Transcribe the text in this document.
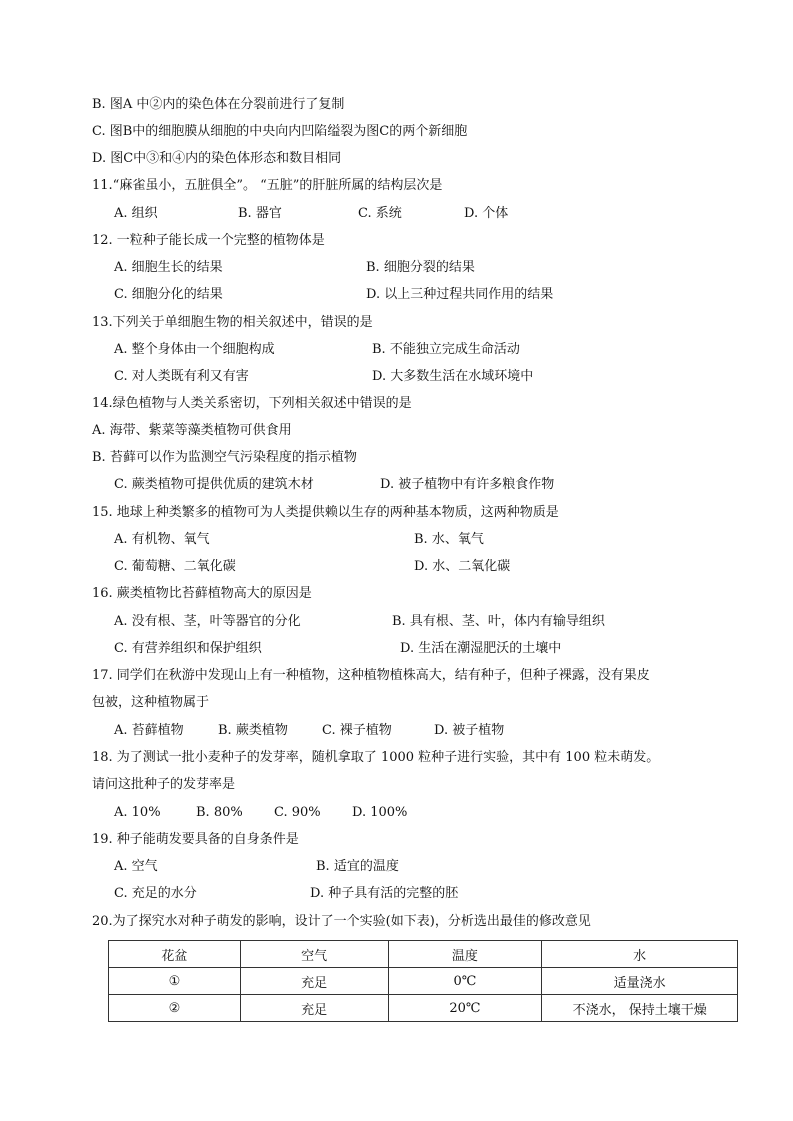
B. 图A 中②内的染色体在分裂前进行了复制
C. 图B中的细胞膜从细胞的中央向内凹陷缢裂为图C的两个新细胞
D. 图C中③和④内的染色体形态和数目相同
11.“麻雀虽小，五脏俱全”。 “五脏”的肝脏所属的结构层次是
A. 组织	B. 器官	C. 系统	D. 个体
12. 一粒种子能长成一个完整的植物体是
A. 细胞生长的结果	B. 细胞分裂的结果
C. 细胞分化的结果	D. 以上三种过程共同作用的结果
13.下列关于单细胞生物的相关叙述中，错误的是
A. 整个身体由一个细胞构成	B. 不能独立完成生命活动
C. 对人类既有利又有害	D. 大多数生活在水域环境中
14.绿色植物与人类关系密切，下列相关叙述中错误的是
A. 海带、紫菜等藻类植物可供食用
B. 苔藓可以作为监测空气污染程度的指示植物
C. 蕨类植物可提供优质的建筑木材	D. 被子植物中有许多粮食作物
15. 地球上种类繁多的植物可为人类提供赖以生存的两种基本物质，这两种物质是
A. 有机物、氧气	B. 水、氧气
C. 葡萄糖、二氧化碳	D. 水、二氧化碳
16. 蕨类植物比苔藓植物高大的原因是
A. 没有根、茎，叶等器官的分化	B. 具有根、茎、叶，体内有输导组织
C. 有营养组织和保护组织	D. 生活在潮湿肥沃的土壤中
17. 同学们在秋游中发现山上有一种植物，这种植物植株高大，结有种子，但种子裸露，没有果皮
包被，这种植物属于
A. 苔藓植物	B. 蕨类植物	C. 裸子植物	D. 被子植物
18. 为了测试一批小麦种子的发芽率，随机拿取了 1000 粒种子进行实验，其中有 100 粒未萌发。
请问这批种子的发芽率是
A. 10%	B. 80% C. 90% D. 100%
19. 种子能萌发要具备的自身条件是
A. 空气	B. 适宜的温度
C. 充足的水分	D. 种子具有活的完整的胚
20.为了探究水对种子萌发的影响，设计了一个实验(如下表)，分析选出最佳的修改意见
花盆	空气	温度	水
①	充足	0℃	适量浇水
②	充足	20℃	不浇水， 保持土壤干燥
